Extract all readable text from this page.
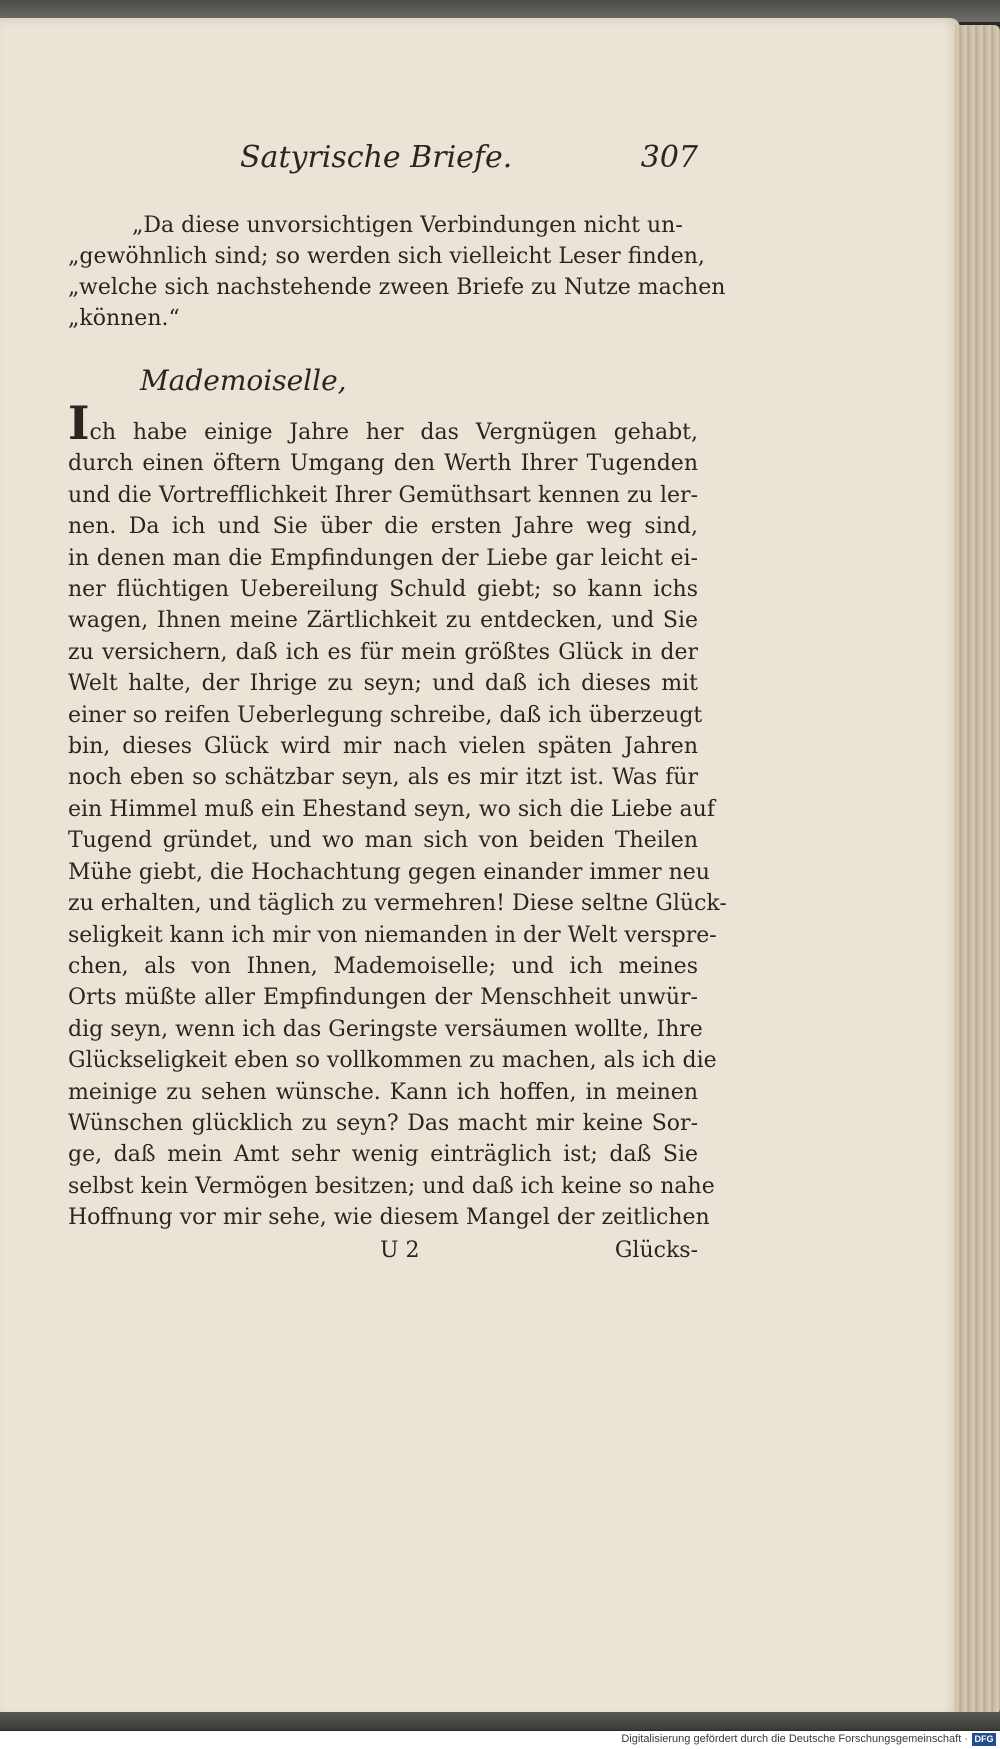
Satyrische Briefe.	307
„Da diese unvorsichtigen Verbindungen nicht un-
„gewöhnlich sind; so werden sich vielleicht Leser finden,
„welche sich nachstehende zween Briefe zu Nutze machen
„können.“
Mademoiselle,
Ich habe einige Jahre her das Vergnügen gehabt,
durch einen öftern Umgang den Werth Ihrer Tugenden
und die Vortrefflichkeit Ihrer Gemüthsart kennen zu ler-
nen. Da ich und Sie über die ersten Jahre weg sind,
in denen man die Empfindungen der Liebe gar leicht ei-
ner flüchtigen Uebereilung Schuld giebt; so kann ichs
wagen, Ihnen meine Zärtlichkeit zu entdecken, und Sie
zu versichern, daß ich es für mein größtes Glück in der
Welt halte, der Ihrige zu seyn; und daß ich dieses mit
einer so reifen Ueberlegung schreibe, daß ich überzeugt
bin, dieses Glück wird mir nach vielen späten Jahren
noch eben so schätzbar seyn, als es mir itzt ist. Was für
ein Himmel muß ein Ehestand seyn, wo sich die Liebe auf
Tugend gründet, und wo man sich von beiden Theilen
Mühe giebt, die Hochachtung gegen einander immer neu
zu erhalten, und täglich zu vermehren! Diese seltne Glück-
seligkeit kann ich mir von niemanden in der Welt verspre-
chen, als von Ihnen, Mademoiselle; und ich meines
Orts müßte aller Empfindungen der Menschheit unwür-
dig seyn, wenn ich das Geringste versäumen wollte, Ihre
Glückseligkeit eben so vollkommen zu machen, als ich die
meinige zu sehen wünsche. Kann ich hoffen, in meinen
Wünschen glücklich zu seyn? Das macht mir keine Sor-
ge, daß mein Amt sehr wenig einträglich ist; daß Sie
selbst kein Vermögen besitzen; und daß ich keine so nahe
Hoffnung vor mir sehe, wie diesem Mangel der zeitlichen
U 2	Glücks-
Digitalisierung gefördert durch die Deutsche Forschungsgemeinschaft · DFG
